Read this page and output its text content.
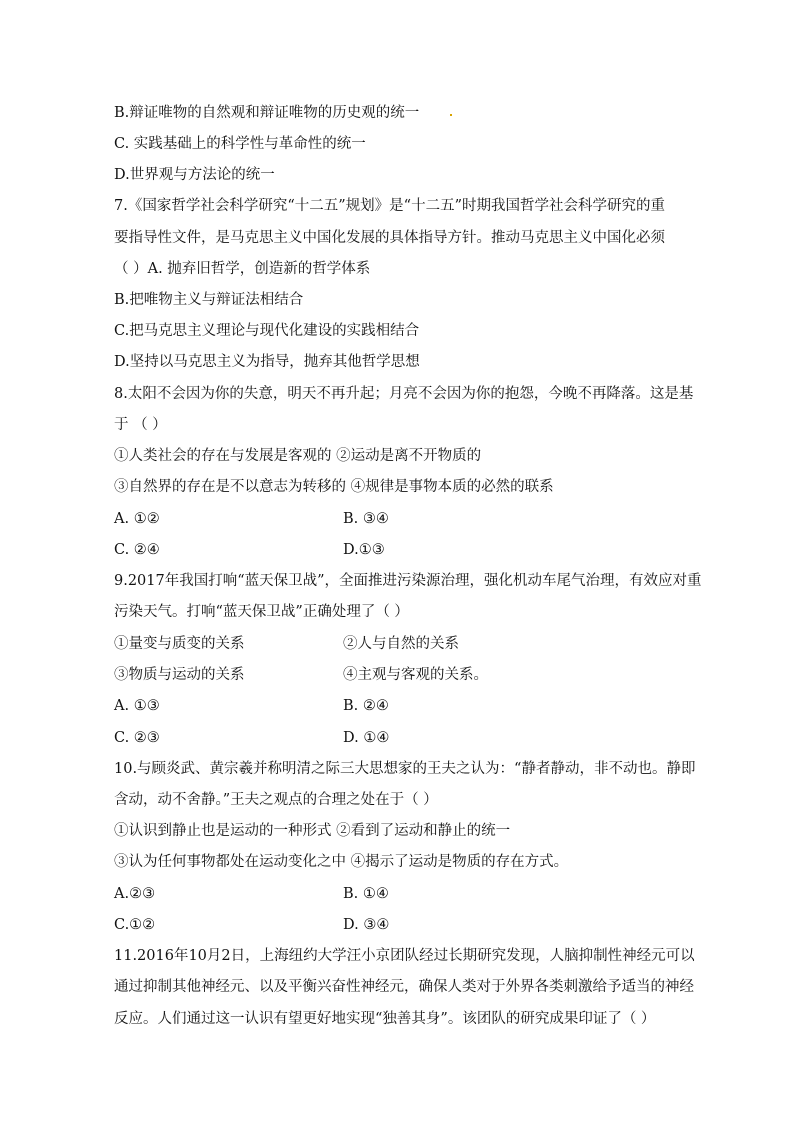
B.辩证唯物的自然观和辩证唯物的历史观的统一
C. 实践基础上的科学性与革命性的统一
D.世界观与方法论的统一
7.《国家哲学社会科学研究“十二五”规划》是“十二五”时期我国哲学社会科学研究的重
要指导性文件，是马克思主义中国化发展的具体指导方针。推动马克思主义中国化必须
（ ）A. 抛弃旧哲学，创造新的哲学体系
B.把唯物主义与辩证法相结合
C.把马克思主义理论与现代化建设的实践相结合
D.坚持以马克思主义为指导，抛弃其他哲学思想
8.太阳不会因为你的失意，明天不再升起；月亮不会因为你的抱怨，今晚不再降落。这是基
于 （ ）
①人类社会的存在与发展是客观的 ②运动是离不开物质的
③自然界的存在是不以意志为转移的 ④规律是事物本质的必然的联系
A. ①②	B. ③④
C. ②④	D.①③
9.2017年我国打响“蓝天保卫战”，全面推进污染源治理，强化机动车尾气治理，有效应对重
污染天气。打响“蓝天保卫战”正确处理了（ ）
①量变与质变的关系	②人与自然的关系
③物质与运动的关系	④主观与客观的关系。
A. ①③	B. ②④
C. ②③	D. ①④
10.与顾炎武、黄宗羲并称明清之际三大思想家的王夫之认为：“静者静动，非不动也。静即
含动，动不舍静。”王夫之观点的合理之处在于（ ）
①认识到静止也是运动的一种形式 ②看到了运动和静止的统一
③认为任何事物都处在运动变化之中 ④揭示了运动是物质的存在方式。
A.②③	B. ①④
C.①②	D. ③④
11.2016年10月2日，上海纽约大学汪小京团队经过长期研究发现，人脑抑制性神经元可以
通过抑制其他神经元、以及平衡兴奋性神经元，确保人类对于外界各类刺激给予适当的神经
反应。人们通过这一认识有望更好地实现“独善其身”。该团队的研究成果印证了（ ）
